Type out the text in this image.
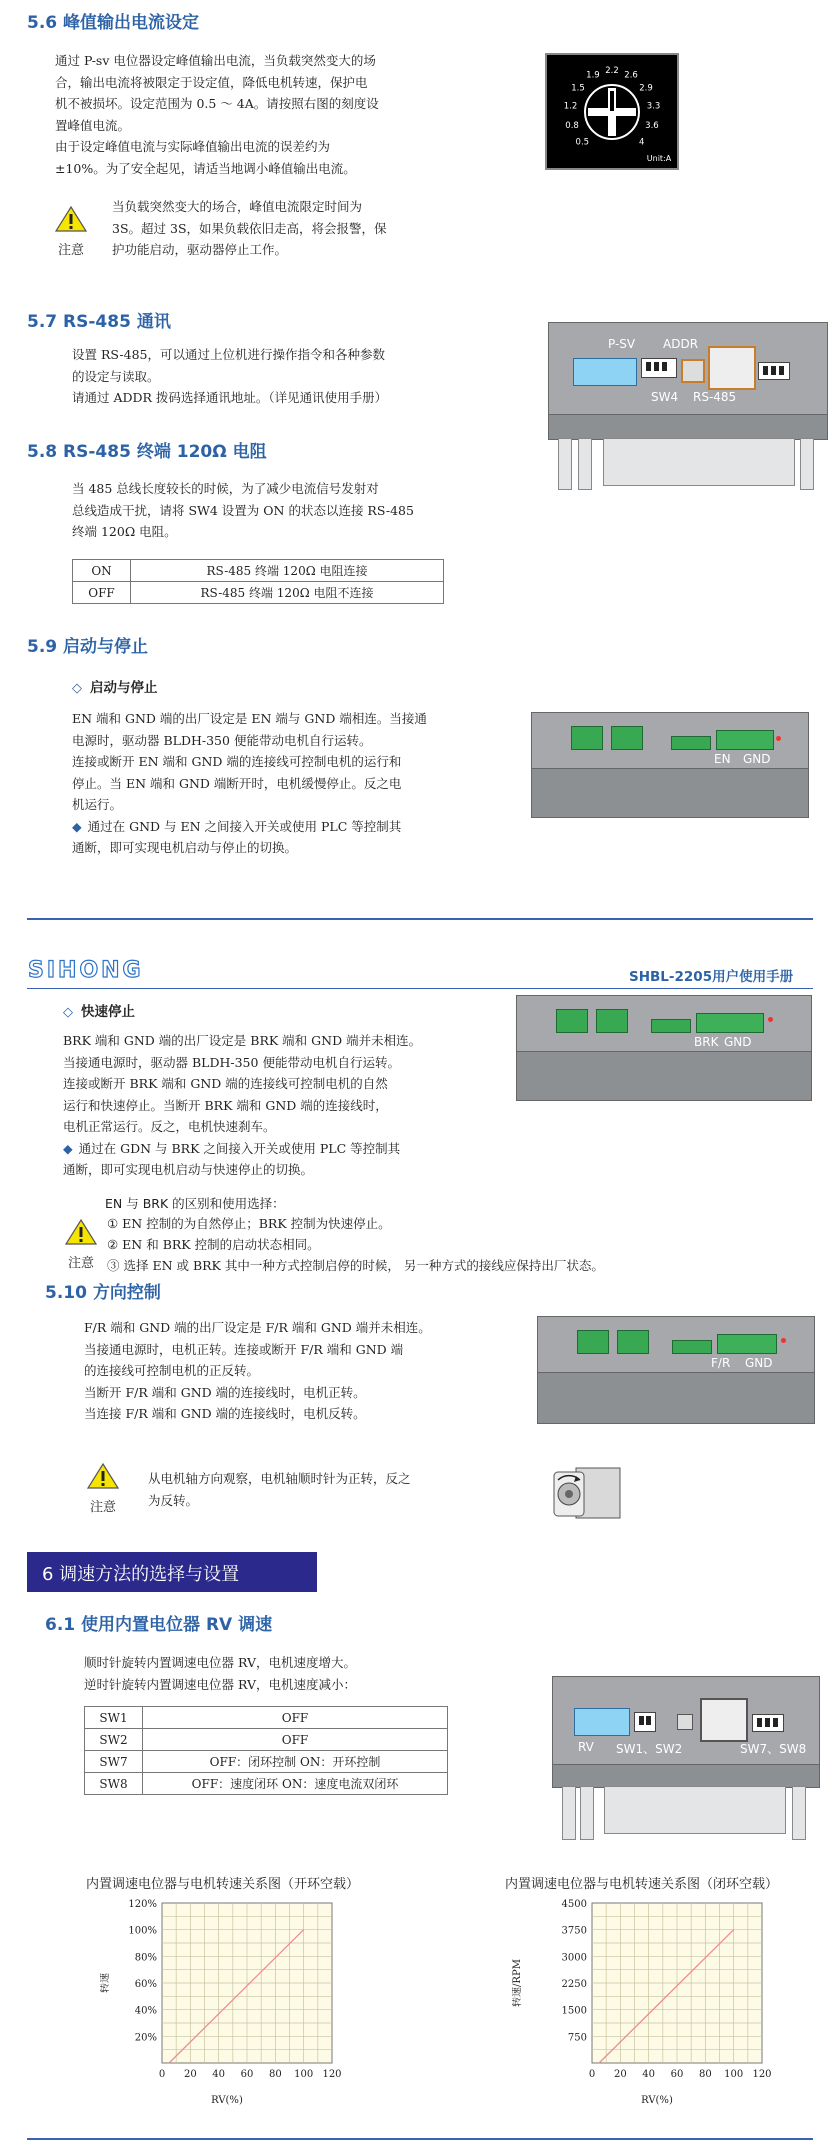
5.6 峰值输出电流设定
通过 P-sv 电位器设定峰值输出电流，当负载突然变大的场
合，输出电流将被限定于设定值，降低电机转速，保护电
机不被损坏。设定范围为 0.5 ～ 4A。请按照右图的刻度设
置峰值电流。
由于设定峰值电流与实际峰值输出电流的误差约为
±10%。为了安全起见，请适当地调小峰值输出电流。
注意
当负载突然变大的场合，峰值电流限定时间为
3S。超过 3S，如果负载依旧走高，将会报警，保
护功能启动，驱动器停止工作。
0.5
0.8
1.2
1.5
1.9 2.2 2.6
2.9
3.3
3.6
4
Unit:A
5.7 RS-485 通讯
设置 RS-485，可以通过上位机进行操作指令和各种参数
的设定与读取。
请通过 ADDR 拨码选择通讯地址。（详见通讯使用手册）
P-SV ADDR
SW4 RS-485
5.8 RS-485 终端 120Ω 电阻
当 485 总线长度较长的时候，为了减少电流信号发射对
总线造成干扰，请将 SW4 设置为 ON 的状态以连接 RS-485
终端 120Ω 电阻。
ON	RS-485 终端 120Ω 电阻连接
OFF	RS-485 终端 120Ω 电阻不连接
5.9 启动与停止
◇ 启动与停止
EN 端和 GND 端的出厂设定是 EN 端与 GND 端相连。当接通
电源时，驱动器 BLDH-350 便能带动电机自行运转。
连接或断开 EN 端和 GND 端的连接线可控制电机的运行和
停止。当 EN 端和 GND 端断开时，电机缓慢停止。反之电
机运行。
◆ 通过在 GND 与 EN 之间接入开关或使用 PLC 等控制其
通断，即可实现电机启动与停止的切换。
EN GND
SIHONG	SHBL-2205用户使用手册
◇ 快速停止
BRK 端和 GND 端的出厂设定是 BRK 端和 GND 端并未相连。
当接通电源时，驱动器 BLDH-350 便能带动电机自行运转。
连接或断开 BRK 端和 GND 端的连接线可控制电机的自然
运行和快速停止。当断开 BRK 端和 GND 端的连接线时，
电机正常运行。反之，电机快速刹车。
◆ 通过在 GDN 与 BRK 之间接入开关或使用 PLC 等控制其
通断，即可实现电机启动与快速停止的切换。
BRK GND
EN 与 BRK 的区别和使用选择：
注意
① EN 控制的为自然停止；BRK 控制为快速停止。
② EN 和 BRK 控制的启动状态相同。
③ 选择 EN 或 BRK 其中一种方式控制启停的时候， 另一种方式的接线应保持出厂状态。
5.10 方向控制
F/R 端和 GND 端的出厂设定是 F/R 端和 GND 端并未相连。
当接通电源时，电机正转。连接或断开 F/R 端和 GND 端
的连接线可控制电机的正反转。
当断开 F/R 端和 GND 端的连接线时，电机正转。
当连接 F/R 端和 GND 端的连接线时，电机反转。
F/R GND
注意
从电机轴方向观察，电机轴顺时针为正转，反之
为反转。
6 调速方法的选择与设置
6.1 使用内置电位器 RV 调速
顺时针旋转内置调速电位器 RV，电机速度增大。
逆时针旋转内置调速电位器 RV，电机速度减小：
SW1	OFF
SW2	OFF
SW7	OFF：闭环控制 ON：开环控制
SW8	OFF：速度闭环 ON：速度电流双闭环
RV SW1、SW2	SW7、SW8
内置调速电位器与电机转速关系图（开环空载）	内置调速电位器与电机转速关系图（闭环空载）
0 20 40 60 80 100 120
20%
40%
60%
80%
100%
120%
RV(%)
转速
0 20 40 60 80 100 120
750
1500
2250
3000
3750
4500
RV(%)
转速/RPM
